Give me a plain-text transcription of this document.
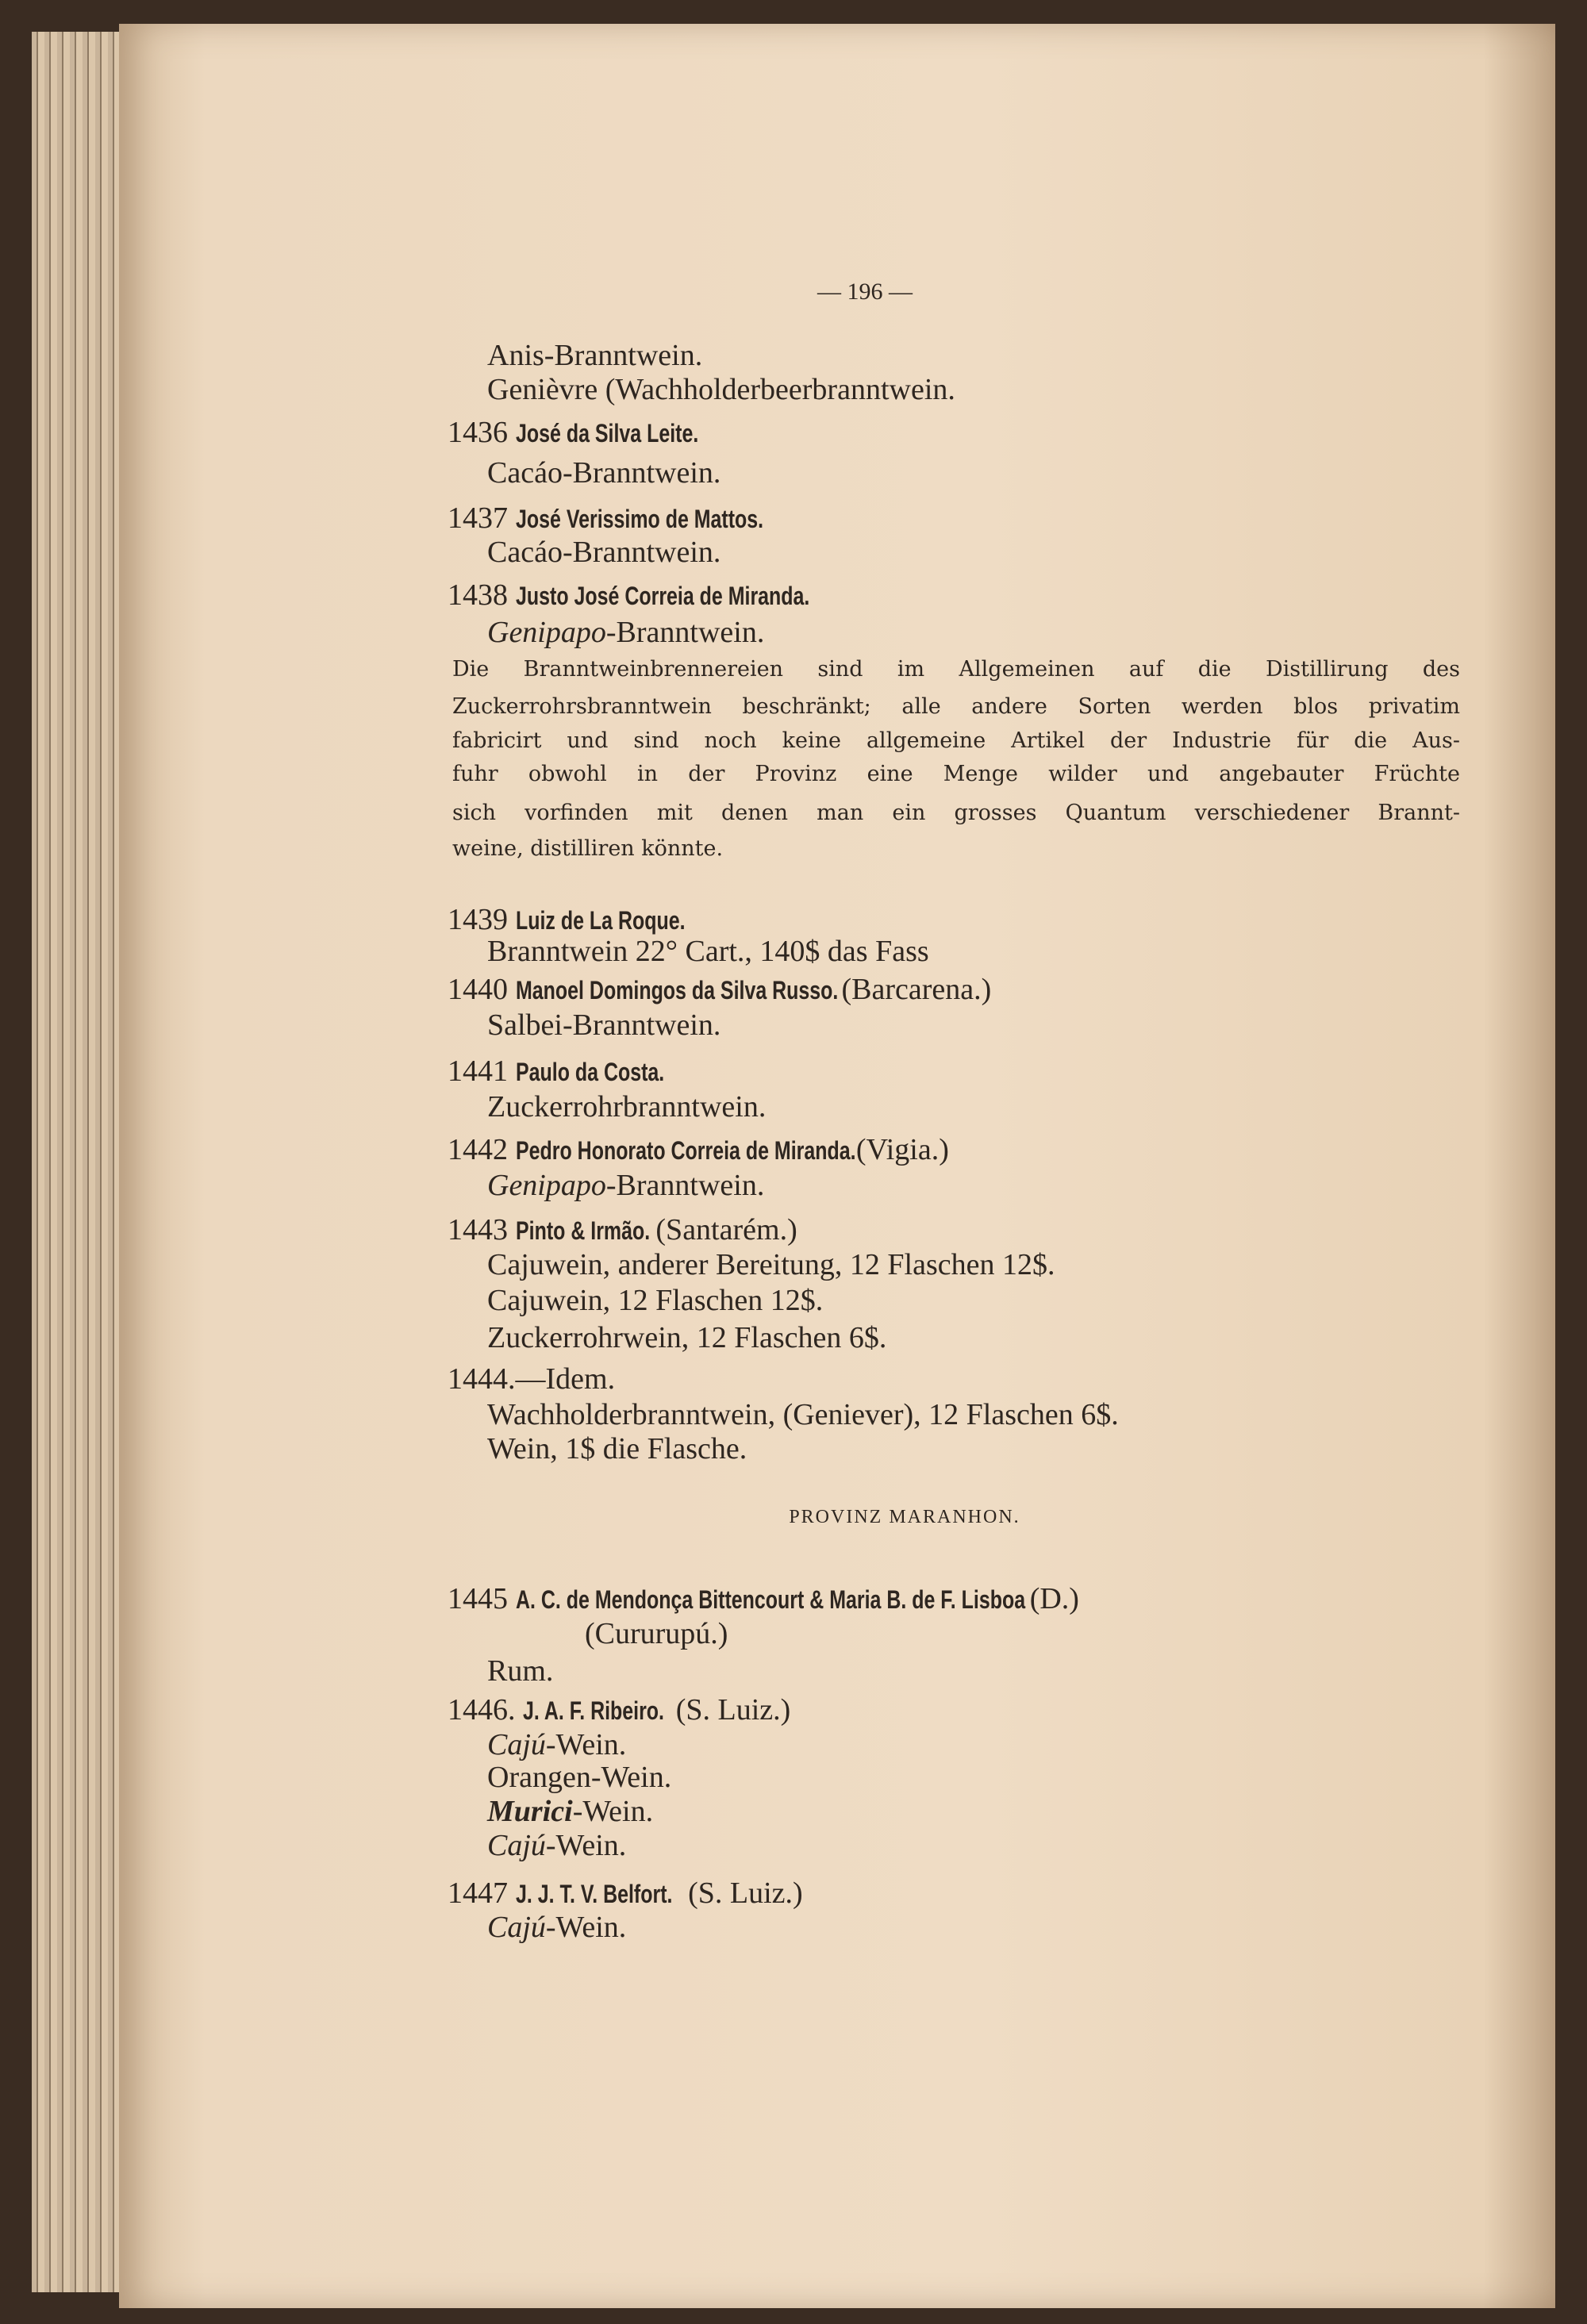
— 196 —
Anis-Branntwein.
Genièvre (Wachholderbeerbranntwein.
1436 José da Silva Leite.
Cacáo-Branntwein.
1437 José Verissimo de Mattos.
Cacáo-Branntwein.
1438 Justo José Correia de Miranda.
Genipapo-Branntwein.
Die Branntweinbrennereien sind im Allgemeinen auf die Distillirung des
Zuckerrohrsbranntwein beschränkt; alle andere Sorten werden blos privatim
fabricirt und sind noch keine allgemeine Artikel der Industrie für die Aus-
fuhr obwohl in der Provinz eine Menge wilder und angebauter Früchte
sich vorfinden mit denen man ein grosses Quantum verschiedener Brannt-
weine, distilliren könnte.
1439 Luiz de La Roque.
Branntwein 22° Cart., 140$ das Fass
1440 Manoel Domingos da Silva Russo. (Barcarena.)
Salbei-Branntwein.
1441 Paulo da Costa.
Zuckerrohrbranntwein.
1442 Pedro Honorato Correia de Miranda.(Vigia.)
Genipapo-Branntwein.
1443 Pinto & Irmão. (Santarém.)
Cajuwein, anderer Bereitung, 12 Flaschen 12$.
Cajuwein, 12 Flaschen 12$.
Zuckerrohrwein, 12 Flaschen 6$.
1444.—Idem.
Wachholderbranntwein, (Geniever), 12 Flaschen 6$.
Wein, 1$ die Flasche.
PROVINZ MARANHON.
1445 A. C. de Mendonça Bittencourt & Maria B. de F. Lisboa (D.)
(Cururupú.)
Rum.
1446. J. A. F. Ribeiro. (S. Luiz.)
Cajú-Wein.
Orangen-Wein.
Murici-Wein.
Cajú-Wein.
1447 J. J. T. V. Belfort. (S. Luiz.)
Cajú-Wein.
